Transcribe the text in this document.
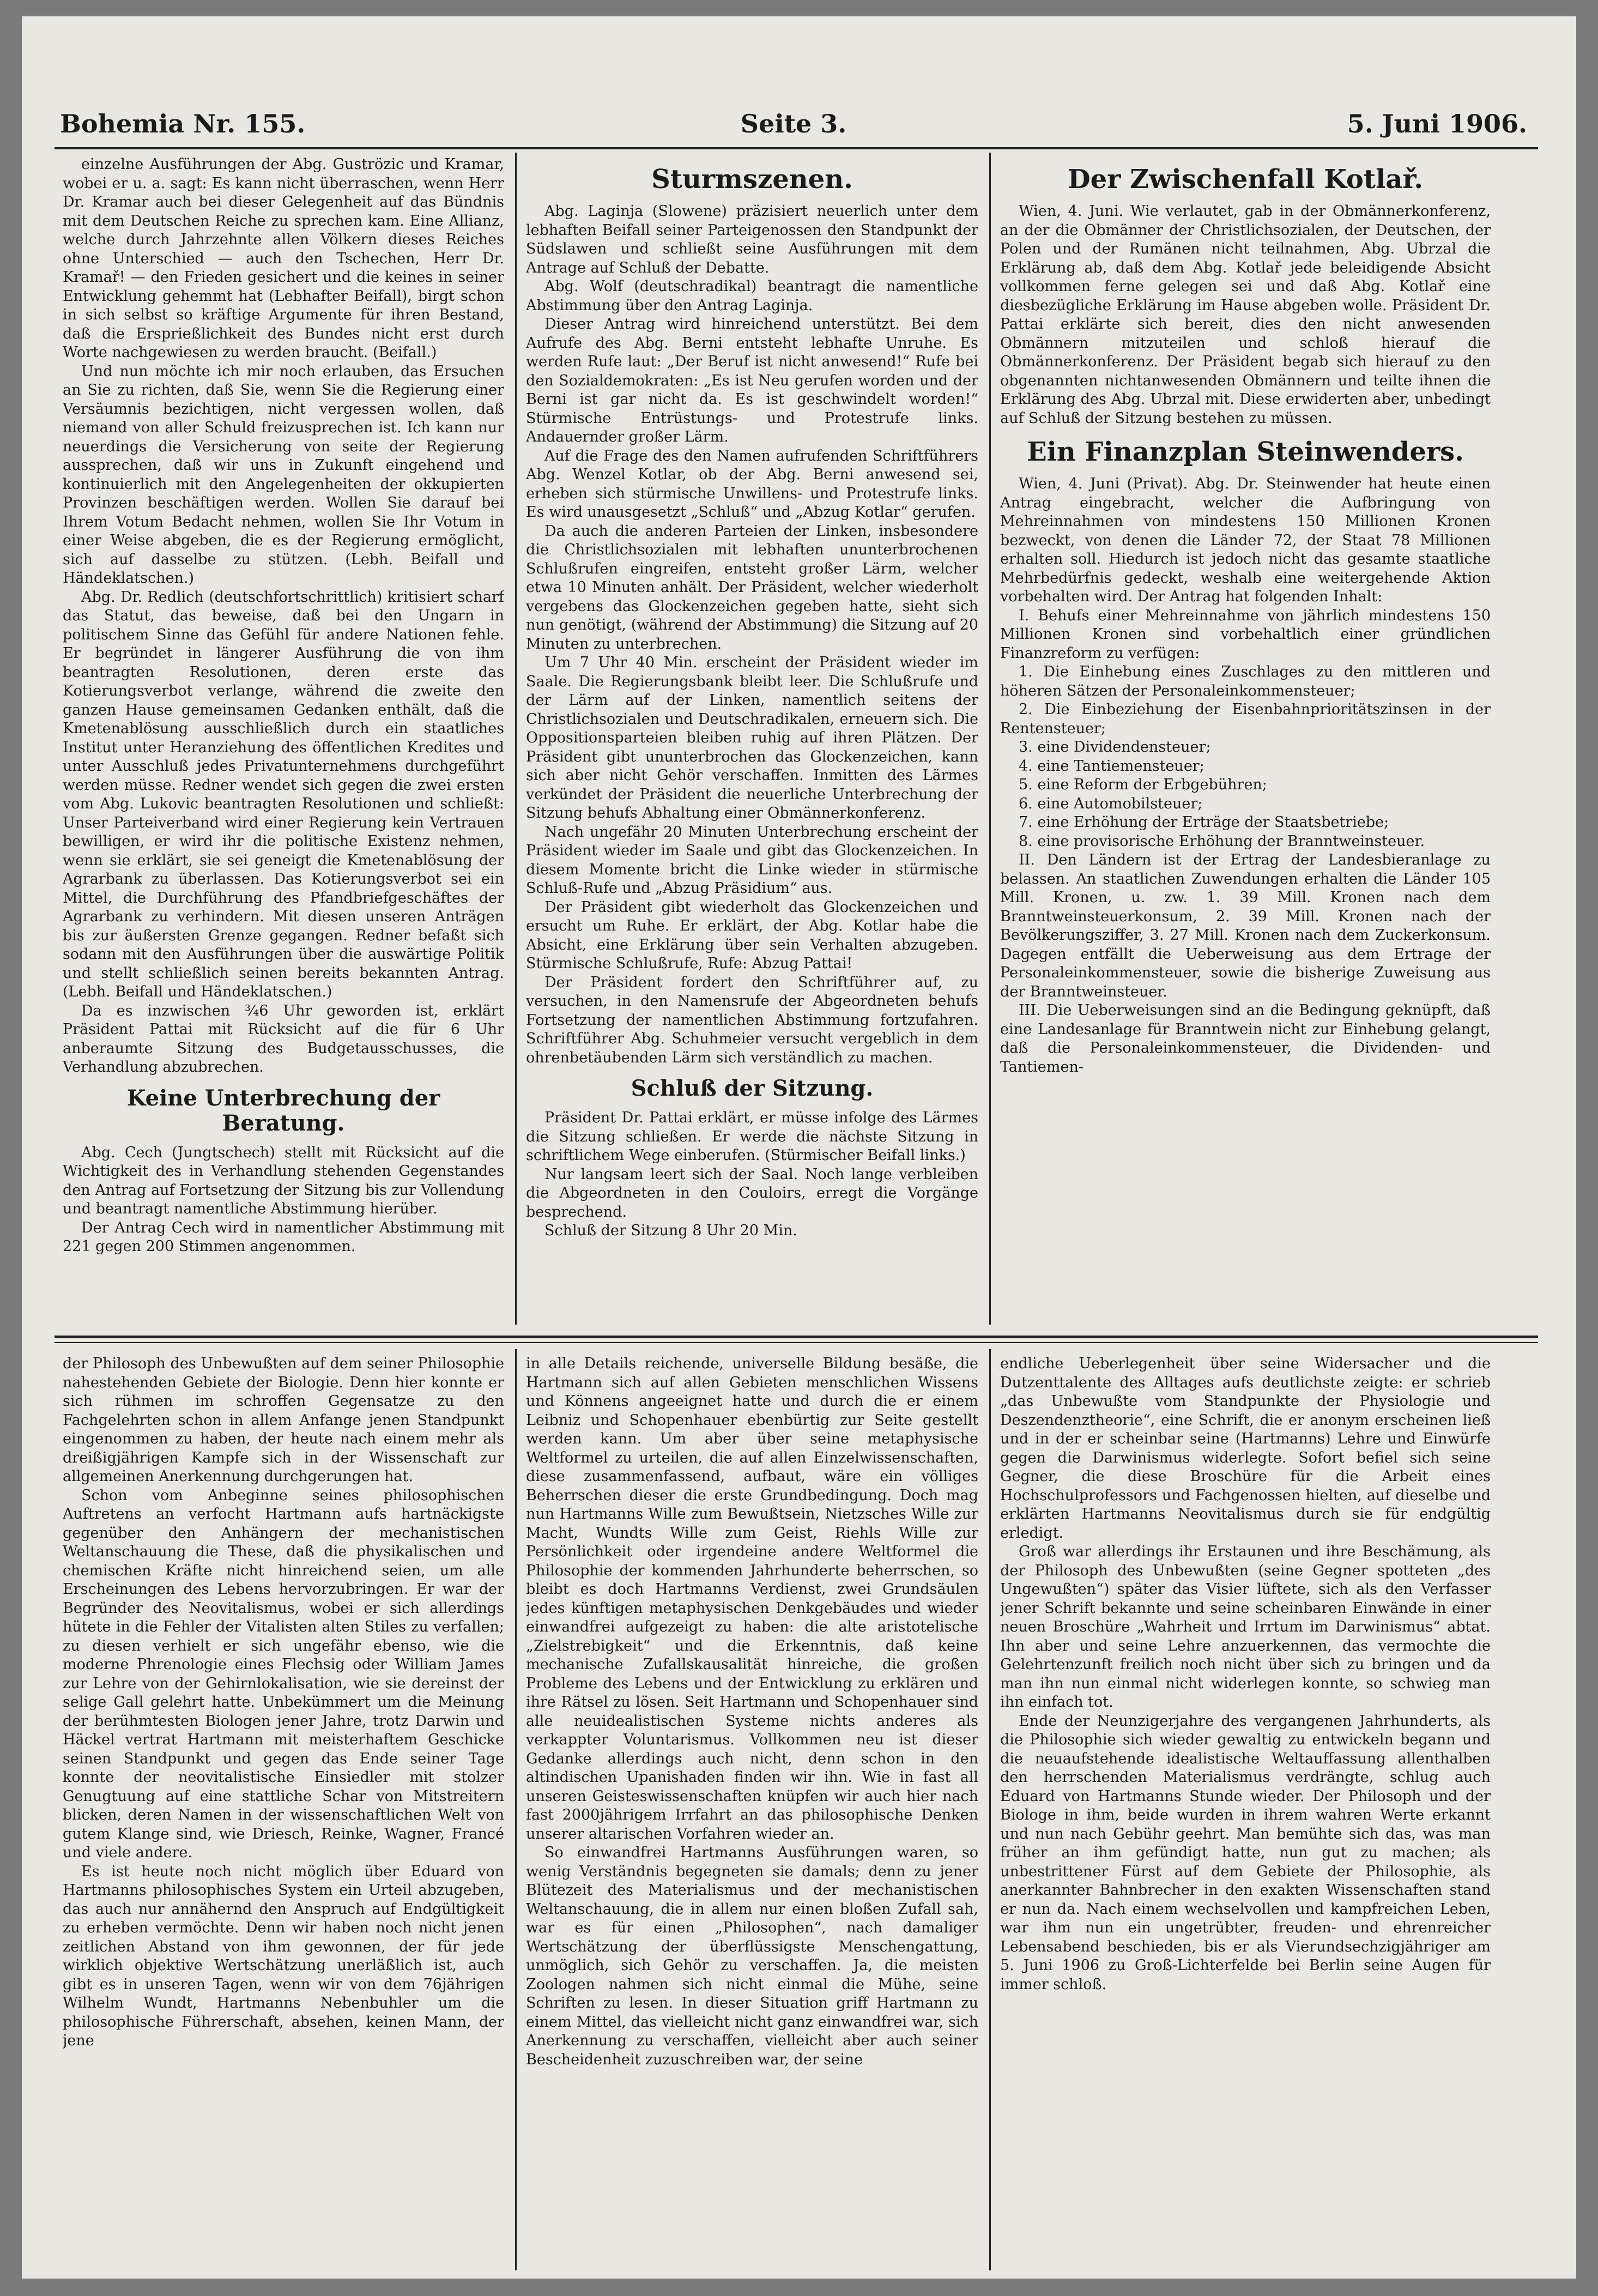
Bohemia Nr. 155.	Seite 3.	5. Juni 1906.

einzelne Ausführungen der Abg. Guströzic und Kramar, wobei er u. a. sagt: Es kann nicht überraschen, wenn Herr Dr. Kramar auch bei dieser Gelegenheit auf das Bündnis mit dem Deutschen Reiche zu sprechen kam. Eine Allianz, welche durch Jahrzehnte allen Völkern dieses Reiches ohne Unterschied — auch den Tschechen, Herr Dr. Kramař! — den Frieden gesichert und die keines in seiner Entwicklung gehemmt hat (Lebhafter Beifall), birgt schon in sich selbst so kräftige Argumente für ihren Bestand, daß die Ersprießlichkeit des Bundes nicht erst durch Worte nachgewiesen zu werden braucht. (Beifall.)

Und nun möchte ich mir noch erlauben, das Ersuchen an Sie zu richten, daß Sie, wenn Sie die Regierung einer Versäumnis bezichtigen, nicht vergessen wollen, daß niemand von aller Schuld freizusprechen ist. Ich kann nur neuerdings die Versicherung von seite der Regierung aussprechen, daß wir uns in Zukunft eingehend und kontinuierlich mit den Angelegenheiten der okkupierten Provinzen beschäftigen werden. Wollen Sie darauf bei Ihrem Votum Bedacht nehmen, wollen Sie Ihr Votum in einer Weise abgeben, die es der Regierung ermöglicht, sich auf dasselbe zu stützen. (Lebh. Beifall und Händeklatschen.)

Abg. Dr. Redlich (deutschfortschrittlich) kritisiert scharf das Statut, das beweise, daß bei den Ungarn in politischem Sinne das Gefühl für andere Nationen fehle. Er begründet in längerer Ausführung die von ihm beantragten Resolutionen, deren erste das Kotierungsverbot verlange, während die zweite den ganzen Hause gemeinsamen Gedanken enthält, daß die Kmetenablösung ausschließlich durch ein staatliches Institut unter Heranziehung des öffentlichen Kredites und unter Ausschluß jedes Privatunternehmens durchgeführt werden müsse. Redner wendet sich gegen die zwei ersten vom Abg. Lukovic beantragten Resolutionen und schließt: Unser Parteiverband wird einer Regierung kein Vertrauen bewilligen, er wird ihr die politische Existenz nehmen, wenn sie erklärt, sie sei geneigt die Kmetenablösung der Agrarbank zu überlassen. Das Kotierungsverbot sei ein Mittel, die Durchführung des Pfandbriefgeschäftes der Agrarbank zu verhindern. Mit diesen unseren Anträgen bis zur äußersten Grenze gegangen. Redner befaßt sich sodann mit den Ausführungen über die auswärtige Politik und stellt schließlich seinen bereits bekannten Antrag. (Lebh. Beifall und Händeklatschen.)

Da es inzwischen ¾6 Uhr geworden ist, erklärt Präsident Pattai mit Rücksicht auf die für 6 Uhr anberaumte Sitzung des Budgetausschusses, die Verhandlung abzubrechen.

Keine Unterbrechung der Beratung.

Abg. Cech (Jungtschech) stellt mit Rücksicht auf die Wichtigkeit des in Verhandlung stehenden Gegenstandes den Antrag auf Fortsetzung der Sitzung bis zur Vollendung und beantragt namentliche Abstimmung hierüber.

Der Antrag Cech wird in namentlicher Abstimmung mit 221 gegen 200 Stimmen angenommen.

Sturmszenen.

Abg. Laginja (Slowene) präzisiert neuerlich unter dem lebhaften Beifall seiner Parteigenossen den Standpunkt der Südslawen und schließt seine Ausführungen mit dem Antrage auf Schluß der Debatte.

Abg. Wolf (deutschradikal) beantragt die namentliche Abstimmung über den Antrag Laginja.

Dieser Antrag wird hinreichend unterstützt. Bei dem Aufrufe des Abg. Berni entsteht lebhafte Unruhe. Es werden Rufe laut: „Der Beruf ist nicht anwesend!“ Rufe bei den Sozialdemokraten: „Es ist Neu gerufen worden und der Berni ist gar nicht da. Es ist geschwindelt worden!“ Stürmische Entrüstungs- und Protestrufe links. Andauernder großer Lärm.

Auf die Frage des den Namen aufrufenden Schriftführers Abg. Wenzel Kotlar, ob der Abg. Berni anwesend sei, erheben sich stürmische Unwillens- und Protestrufe links. Es wird unausgesetzt „Schluß“ und „Abzug Kotlar“ gerufen.

Da auch die anderen Parteien der Linken, insbesondere die Christlichsozialen mit lebhaften ununterbrochenen Schlußrufen eingreifen, entsteht großer Lärm, welcher etwa 10 Minuten anhält. Der Präsident, welcher wiederholt vergebens das Glockenzeichen gegeben hatte, sieht sich nun genötigt, (während der Abstimmung) die Sitzung auf 20 Minuten zu unterbrechen.

Um 7 Uhr 40 Min. erscheint der Präsident wieder im Saale. Die Regierungsbank bleibt leer. Die Schlußrufe und der Lärm auf der Linken, namentlich seitens der Christlichsozialen und Deutschradikalen, erneuern sich. Die Oppositionsparteien bleiben ruhig auf ihren Plätzen. Der Präsident gibt ununterbrochen das Glockenzeichen, kann sich aber nicht Gehör verschaffen. Inmitten des Lärmes verkündet der Präsident die neuerliche Unterbrechung der Sitzung behufs Abhaltung einer Obmännerkonferenz.

Nach ungefähr 20 Minuten Unterbrechung erscheint der Präsident wieder im Saale und gibt das Glockenzeichen. In diesem Momente bricht die Linke wieder in stürmische Schluß-Rufe und „Abzug Präsidium“ aus.

Der Präsident gibt wiederholt das Glockenzeichen und ersucht um Ruhe. Er erklärt, der Abg. Kotlar habe die Absicht, eine Erklärung über sein Verhalten abzugeben. Stürmische Schlußrufe, Rufe: Abzug Pattai!

Der Präsident fordert den Schriftführer auf, zu versuchen, in den Namensrufe der Abgeordneten behufs Fortsetzung der namentlichen Abstimmung fortzufahren. Schriftführer Abg. Schuhmeier versucht vergeblich in dem ohrenbetäubenden Lärm sich verständlich zu machen.

Schluß der Sitzung.

Präsident Dr. Pattai erklärt, er müsse infolge des Lärmes die Sitzung schließen. Er werde die nächste Sitzung in schriftlichem Wege einberufen. (Stürmischer Beifall links.)

Nur langsam leert sich der Saal. Noch lange verbleiben die Abgeordneten in den Couloirs, erregt die Vorgänge besprechend.

Schluß der Sitzung 8 Uhr 20 Min.

Der Zwischenfall Kotlař.

Wien, 4. Juni. Wie verlautet, gab in der Obmännerkonferenz, an der die Obmänner der Christlichsozialen, der Deutschen, der Polen und der Rumänen nicht teilnahmen, Abg. Ubrzal die Erklärung ab, daß dem Abg. Kotlař jede beleidigende Absicht vollkommen ferne gelegen sei und daß Abg. Kotlař eine diesbezügliche Erklärung im Hause abgeben wolle. Präsident Dr. Pattai erklärte sich bereit, dies den nicht anwesenden Obmännern mitzuteilen und schloß hierauf die Obmännerkonferenz. Der Präsident begab sich hierauf zu den obgenannten nichtanwesenden Obmännern und teilte ihnen die Erklärung des Abg. Ubrzal mit. Diese erwiderten aber, unbedingt auf Schluß der Sitzung bestehen zu müssen.

Ein Finanzplan Steinwenders.

Wien, 4. Juni (Privat). Abg. Dr. Steinwender hat heute einen Antrag eingebracht, welcher die Aufbringung von Mehreinnahmen von mindestens 150 Millionen Kronen bezweckt, von denen die Länder 72, der Staat 78 Millionen erhalten soll. Hiedurch ist jedoch nicht das gesamte staatliche Mehrbedürfnis gedeckt, weshalb eine weitergehende Aktion vorbehalten wird. Der Antrag hat folgenden Inhalt:

I. Behufs einer Mehreinnahme von jährlich mindestens 150 Millionen Kronen sind vorbehaltlich einer gründlichen Finanzreform zu verfügen:

1. Die Einhebung eines Zuschlages zu den mittleren und höheren Sätzen der Personaleinkommensteuer;

2. Die Einbeziehung der Eisenbahnprioritätszinsen in der Rentensteuer;

3. eine Dividendensteuer;

4. eine Tantiemensteuer;

5. eine Reform der Erbgebühren;

6. eine Automobilsteuer;

7. eine Erhöhung der Erträge der Staatsbetriebe;

8. eine provisorische Erhöhung der Branntweinsteuer.

II. Den Ländern ist der Ertrag der Landesbieranlage zu belassen. An staatlichen Zuwendungen erhalten die Länder 105 Mill. Kronen, u. zw. 1. 39 Mill. Kronen nach dem Branntweinsteuerkonsum, 2. 39 Mill. Kronen nach der Bevölkerungsziffer, 3. 27 Mill. Kronen nach dem Zuckerkonsum. Dagegen entfällt die Ueberweisung aus dem Ertrage der Personaleinkommensteuer, sowie die bisherige Zuweisung aus der Branntweinsteuer.

III. Die Ueberweisungen sind an die Bedingung geknüpft, daß eine Landesanlage für Branntwein nicht zur Einhebung gelangt, daß die Personaleinkommensteuer, die Dividenden- und Tantiemen-

der Philosoph des Unbewußten auf dem seiner Philosophie nahestehenden Gebiete der Biologie. Denn hier konnte er sich rühmen im schroffen Gegensatze zu den Fachgelehrten schon in allem Anfange jenen Standpunkt eingenommen zu haben, der heute nach einem mehr als dreißigjährigen Kampfe sich in der Wissenschaft zur allgemeinen Anerkennung durchgerungen hat.

Schon vom Anbeginne seines philosophischen Auftretens an verfocht Hartmann aufs hartnäckigste gegenüber den Anhängern der mechanistischen Weltanschauung die These, daß die physikalischen und chemischen Kräfte nicht hinreichend seien, um alle Erscheinungen des Lebens hervorzubringen. Er war der Begründer des Neovitalismus, wobei er sich allerdings hütete in die Fehler der Vitalisten alten Stiles zu verfallen; zu diesen verhielt er sich ungefähr ebenso, wie die moderne Phrenologie eines Flechsig oder William James zur Lehre von der Gehirnlokalisation, wie sie dereinst der selige Gall gelehrt hatte. Unbekümmert um die Meinung der berühmtesten Biologen jener Jahre, trotz Darwin und Häckel vertrat Hartmann mit meisterhaftem Geschicke seinen Standpunkt und gegen das Ende seiner Tage konnte der neovitalistische Einsiedler mit stolzer Genugtuung auf eine stattliche Schar von Mitstreitern blicken, deren Namen in der wissenschaftlichen Welt von gutem Klange sind, wie Driesch, Reinke, Wagner, Francé und viele andere.

Es ist heute noch nicht möglich über Eduard von Hartmanns philosophisches System ein Urteil abzugeben, das auch nur annähernd den Anspruch auf Endgültigkeit zu erheben vermöchte. Denn wir haben noch nicht jenen zeitlichen Abstand von ihm gewonnen, der für jede wirklich objektive Wertschätzung unerläßlich ist, auch gibt es in unseren Tagen, wenn wir von dem 76jährigen Wilhelm Wundt, Hartmanns Nebenbuhler um die philosophische Führerschaft, absehen, keinen Mann, der jene

in alle Details reichende, universelle Bildung besäße, die Hartmann sich auf allen Gebieten menschlichen Wissens und Könnens angeeignet hatte und durch die er einem Leibniz und Schopenhauer ebenbürtig zur Seite gestellt werden kann. Um aber über seine metaphysische Weltformel zu urteilen, die auf allen Einzelwissenschaften, diese zusammenfassend, aufbaut, wäre ein völliges Beherrschen dieser die erste Grundbedingung. Doch mag nun Hartmanns Wille zum Bewußtsein, Nietzsches Wille zur Macht, Wundts Wille zum Geist, Riehls Wille zur Persönlichkeit oder irgendeine andere Weltformel die Philosophie der kommenden Jahrhunderte beherrschen, so bleibt es doch Hartmanns Verdienst, zwei Grundsäulen jedes künftigen metaphysischen Denkgebäudes und wieder einwandfrei aufgezeigt zu haben: die alte aristotelische „Zielstrebigkeit“ und die Erkenntnis, daß keine mechanische Zufallskausalität hinreiche, die großen Probleme des Lebens und der Entwicklung zu erklären und ihre Rätsel zu lösen. Seit Hartmann und Schopenhauer sind alle neuidealistischen Systeme nichts anderes als verkappter Voluntarismus. Vollkommen neu ist dieser Gedanke allerdings auch nicht, denn schon in den altindischen Upanishaden finden wir ihn. Wie in fast all unseren Geisteswissenschaften knüpfen wir auch hier nach fast 2000jährigem Irrfahrt an das philosophische Denken unserer altarischen Vorfahren wieder an.

So einwandfrei Hartmanns Ausführungen waren, so wenig Verständnis begegneten sie damals; denn zu jener Blütezeit des Materialismus und der mechanistischen Weltanschauung, die in allem nur einen bloßen Zufall sah, war es für einen „Philosophen“, nach damaliger Wertschätzung der überflüssigste Menschengattung, unmöglich, sich Gehör zu verschaffen. Ja, die meisten Zoologen nahmen sich nicht einmal die Mühe, seine Schriften zu lesen. In dieser Situation griff Hartmann zu einem Mittel, das vielleicht nicht ganz einwandfrei war, sich Anerkennung zu verschaffen, vielleicht aber auch seiner Bescheidenheit zuzuschreiben war, der seine

endliche Ueberlegenheit über seine Widersacher und die Dutzenttalente des Alltages aufs deutlichste zeigte: er schrieb „das Unbewußte vom Standpunkte der Physiologie und Deszendenztheorie“, eine Schrift, die er anonym erscheinen ließ und in der er scheinbar seine (Hartmanns) Lehre und Einwürfe gegen die Darwinismus widerlegte. Sofort befiel sich seine Gegner, die diese Broschüre für die Arbeit eines Hochschulprofessors und Fachgenossen hielten, auf dieselbe und erklärten Hartmanns Neovitalismus durch sie für endgültig erledigt.

Groß war allerdings ihr Erstaunen und ihre Beschämung, als der Philosoph des Unbewußten (seine Gegner spotteten „des Ungewußten“) später das Visier lüftete, sich als den Verfasser jener Schrift bekannte und seine scheinbaren Einwände in einer neuen Broschüre „Wahrheit und Irrtum im Darwinismus“ abtat. Ihn aber und seine Lehre anzuerkennen, das vermochte die Gelehrtenzunft freilich noch nicht über sich zu bringen und da man ihn nun einmal nicht widerlegen konnte, so schwieg man ihn einfach tot.

Ende der Neunzigerjahre des vergangenen Jahrhunderts, als die Philosophie sich wieder gewaltig zu entwickeln begann und die neuaufstehende idealistische Weltauffassung allenthalben den herrschenden Materialismus verdrängte, schlug auch Eduard von Hartmanns Stunde wieder. Der Philosoph und der Biologe in ihm, beide wurden in ihrem wahren Werte erkannt und nun nach Gebühr geehrt. Man bemühte sich das, was man früher an ihm gefündigt hatte, nun gut zu machen; als unbestrittener Fürst auf dem Gebiete der Philosophie, als anerkannter Bahnbrecher in den exakten Wissenschaften stand er nun da. Nach einem wechselvollen und kampfreichen Leben, war ihm nun ein ungetrübter, freuden- und ehrenreicher Lebensabend beschieden, bis er als Vierundsechzigjähriger am 5. Juni 1906 zu Groß-Lichterfelde bei Berlin seine Augen für immer schloß.
